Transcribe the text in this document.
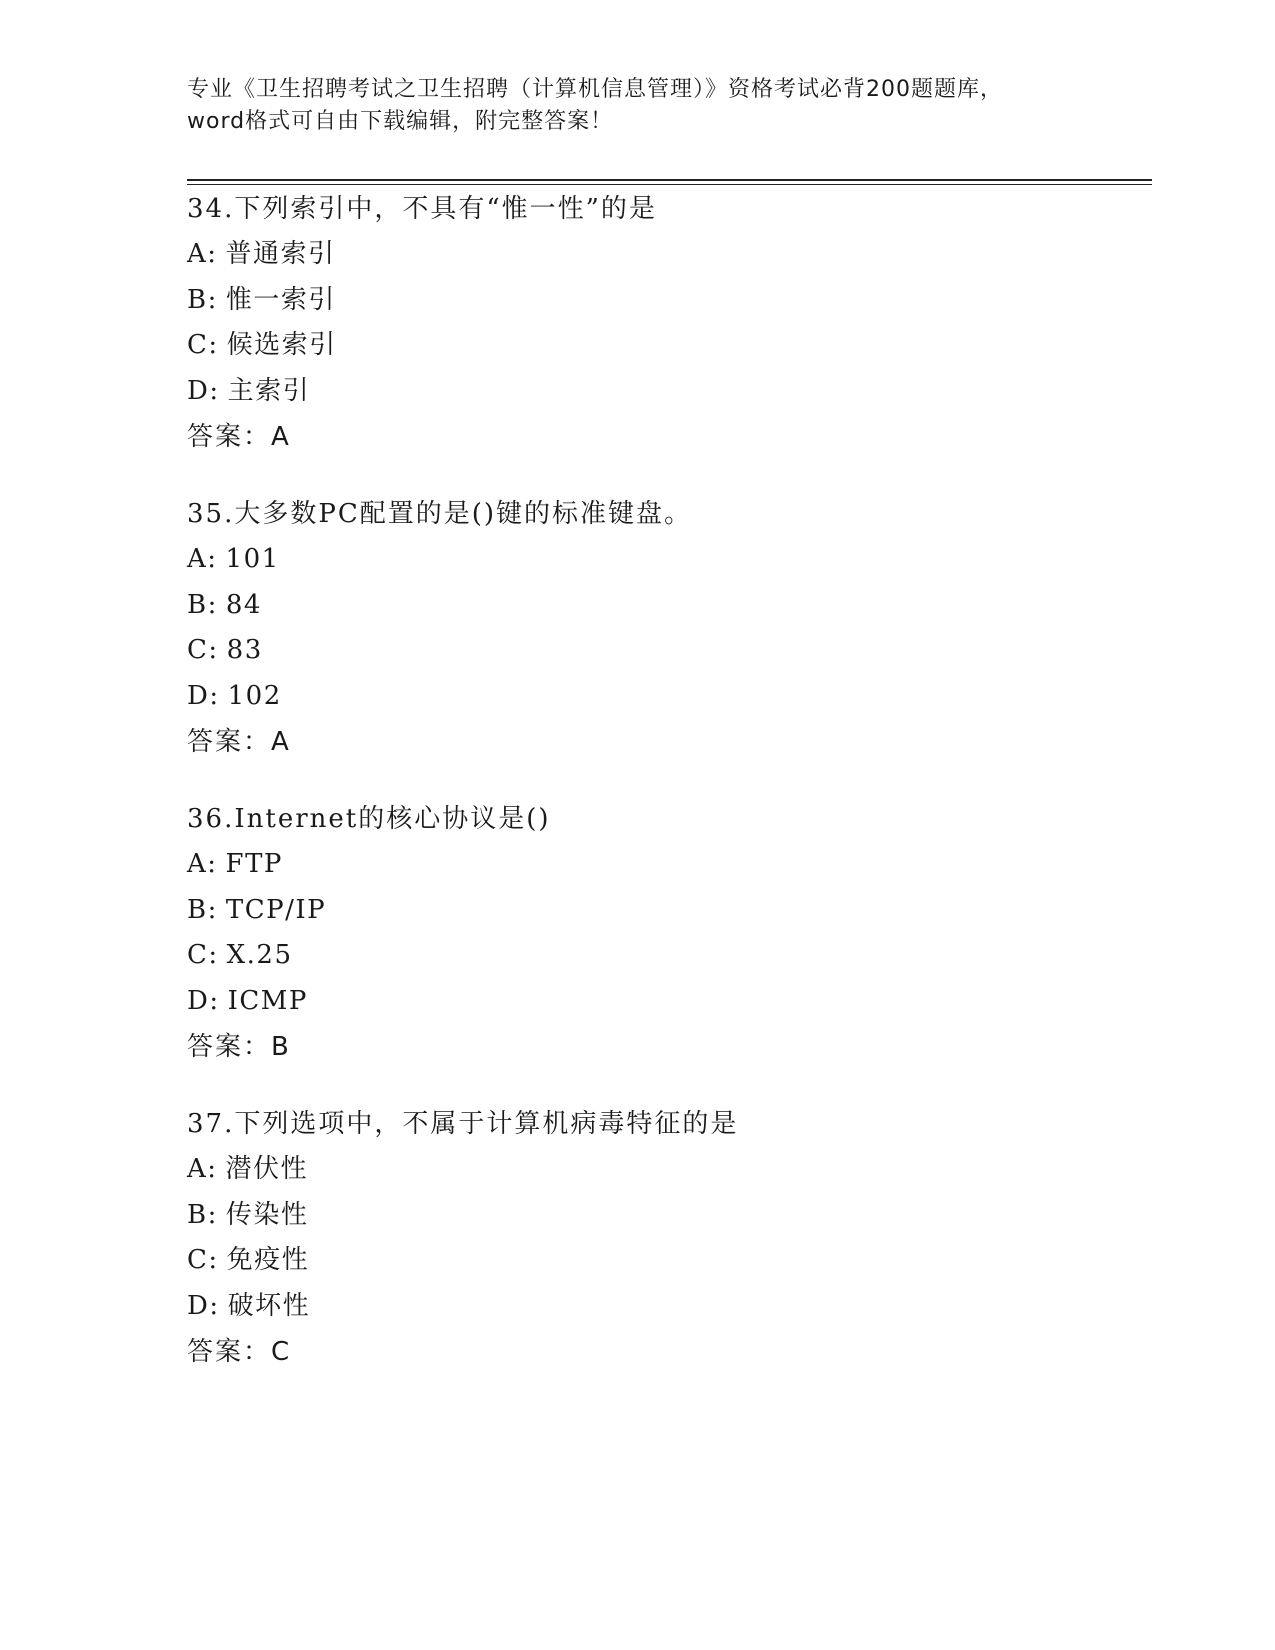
专业《卫生招聘考试之卫生招聘（计算机信息管理）》资格考试必背200题题库，
word格式可自由下载编辑，附完整答案！
34.下列索引中，不具有“惟一性”的是
A: 普通索引
B: 惟一索引
C: 候选索引
D: 主索引
答案：A
35.大多数PC配置的是()键的标准键盘。
A: 101
B: 84
C: 83
D: 102
答案：A
36.Internet的核心协议是()
A: FTP
B: TCP/IP
C: X.25
D: ICMP
答案：B
37.下列选项中，不属于计算机病毒特征的是
A: 潜伏性
B: 传染性
C: 免疫性
D: 破坏性
答案：C
